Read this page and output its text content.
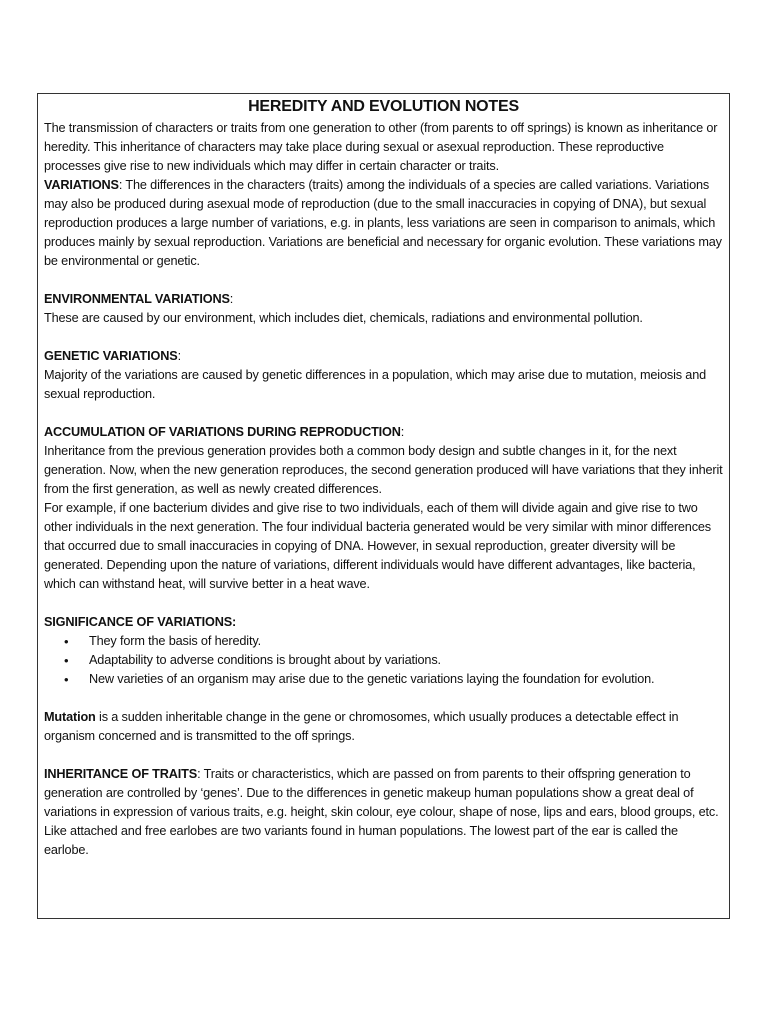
HEREDITY AND EVOLUTION NOTES

The transmission of characters or traits from one generation to other (from parents to off springs) is known as inheritance or heredity. This inheritance of characters may take place during sexual or asexual reproduction. These reproductive processes give rise to new individuals which may differ in certain character or traits.

VARIATIONS: The differences in the characters (traits) among the individuals of a species are called variations. Variations may also be produced during asexual mode of reproduction (due to the small inaccuracies in copying of DNA), but sexual reproduction produces a large number of variations, e.g. in plants, less variations are seen in comparison to animals, which produces mainly by sexual reproduction. Variations are beneficial and necessary for organic evolution. These variations may be environmental or genetic.

ENVIRONMENTAL VARIATIONS:

These are caused by our environment, which includes diet, chemicals, radiations and environmental pollution.

GENETIC VARIATIONS:

Majority of the variations are caused by genetic differences in a population, which may arise due to mutation, meiosis and sexual reproduction.

ACCUMULATION OF VARIATIONS DURING REPRODUCTION:

Inheritance from the previous generation provides both a common body design and subtle changes in it, for the next generation. Now, when the new generation reproduces, the second generation produced will have variations that they inherit from the first generation, as well as newly created differences.

For example, if one bacterium divides and give rise to two individuals, each of them will divide again and give rise to two other individuals in the next generation. The four individual bacteria generated would be very similar with minor differences that occurred due to small inaccuracies in copying of DNA. However, in sexual reproduction, greater diversity will be generated. Depending upon the nature of variations, different individuals would have different advantages, like bacteria, which can withstand heat, will survive better in a heat wave.

SIGNIFICANCE OF VARIATIONS:

• They form the basis of heredity.
• Adaptability to adverse conditions is brought about by variations.
• New varieties of an organism may arise due to the genetic variations laying the foundation for evolution.

Mutation is a sudden inheritable change in the gene or chromosomes, which usually produces a detectable effect in organism concerned and is transmitted to the off springs.

INHERITANCE OF TRAITS: Traits or characteristics, which are passed on from parents to their offspring generation to generation are controlled by ‘genes’. Due to the differences in genetic makeup human populations show a great deal of variations in expression of various traits, e.g. height, skin colour, eye colour, shape of nose, lips and ears, blood groups, etc.

Like attached and free earlobes are two variants found in human populations. The lowest part of the ear is called the earlobe.
